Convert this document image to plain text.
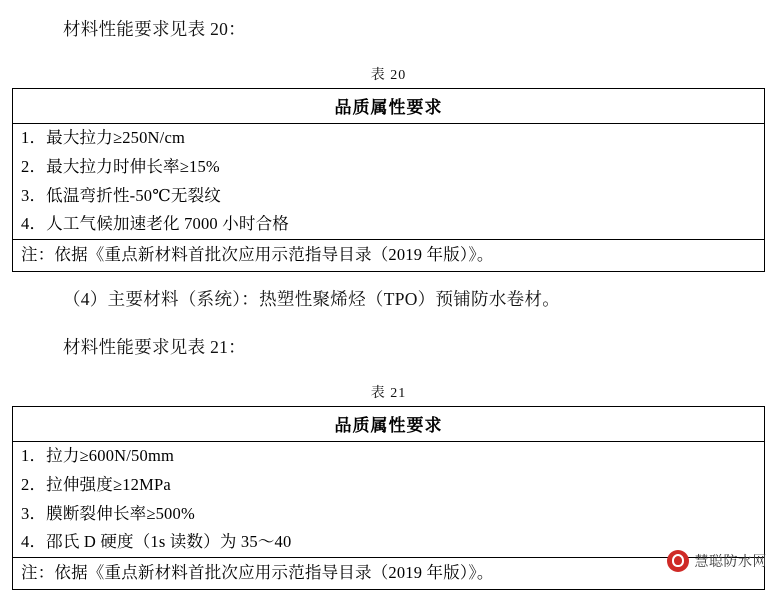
材料性能要求见表 20：

表 20
品质属性要求
1．最大拉力≥250N/cm
2．最大拉力时伸长率≥15%
3．低温弯折性-50℃无裂纹
4．人工气候加速老化 7000 小时合格
注：依据《重点新材料首批次应用示范指导目录（2019 年版）》。

（4）主要材料（系统）：热塑性聚烯烃（TPO）预铺防水卷材。

材料性能要求见表 21：

表 21
品质属性要求
1．拉力≥600N/50mm
2．拉伸强度≥12MPa
3．膜断裂伸长率≥500%
4．邵氏 D 硬度（1s 读数）为 35～40
注：依据《重点新材料首批次应用示范指导目录（2019 年版）》。
慧聪防水网
